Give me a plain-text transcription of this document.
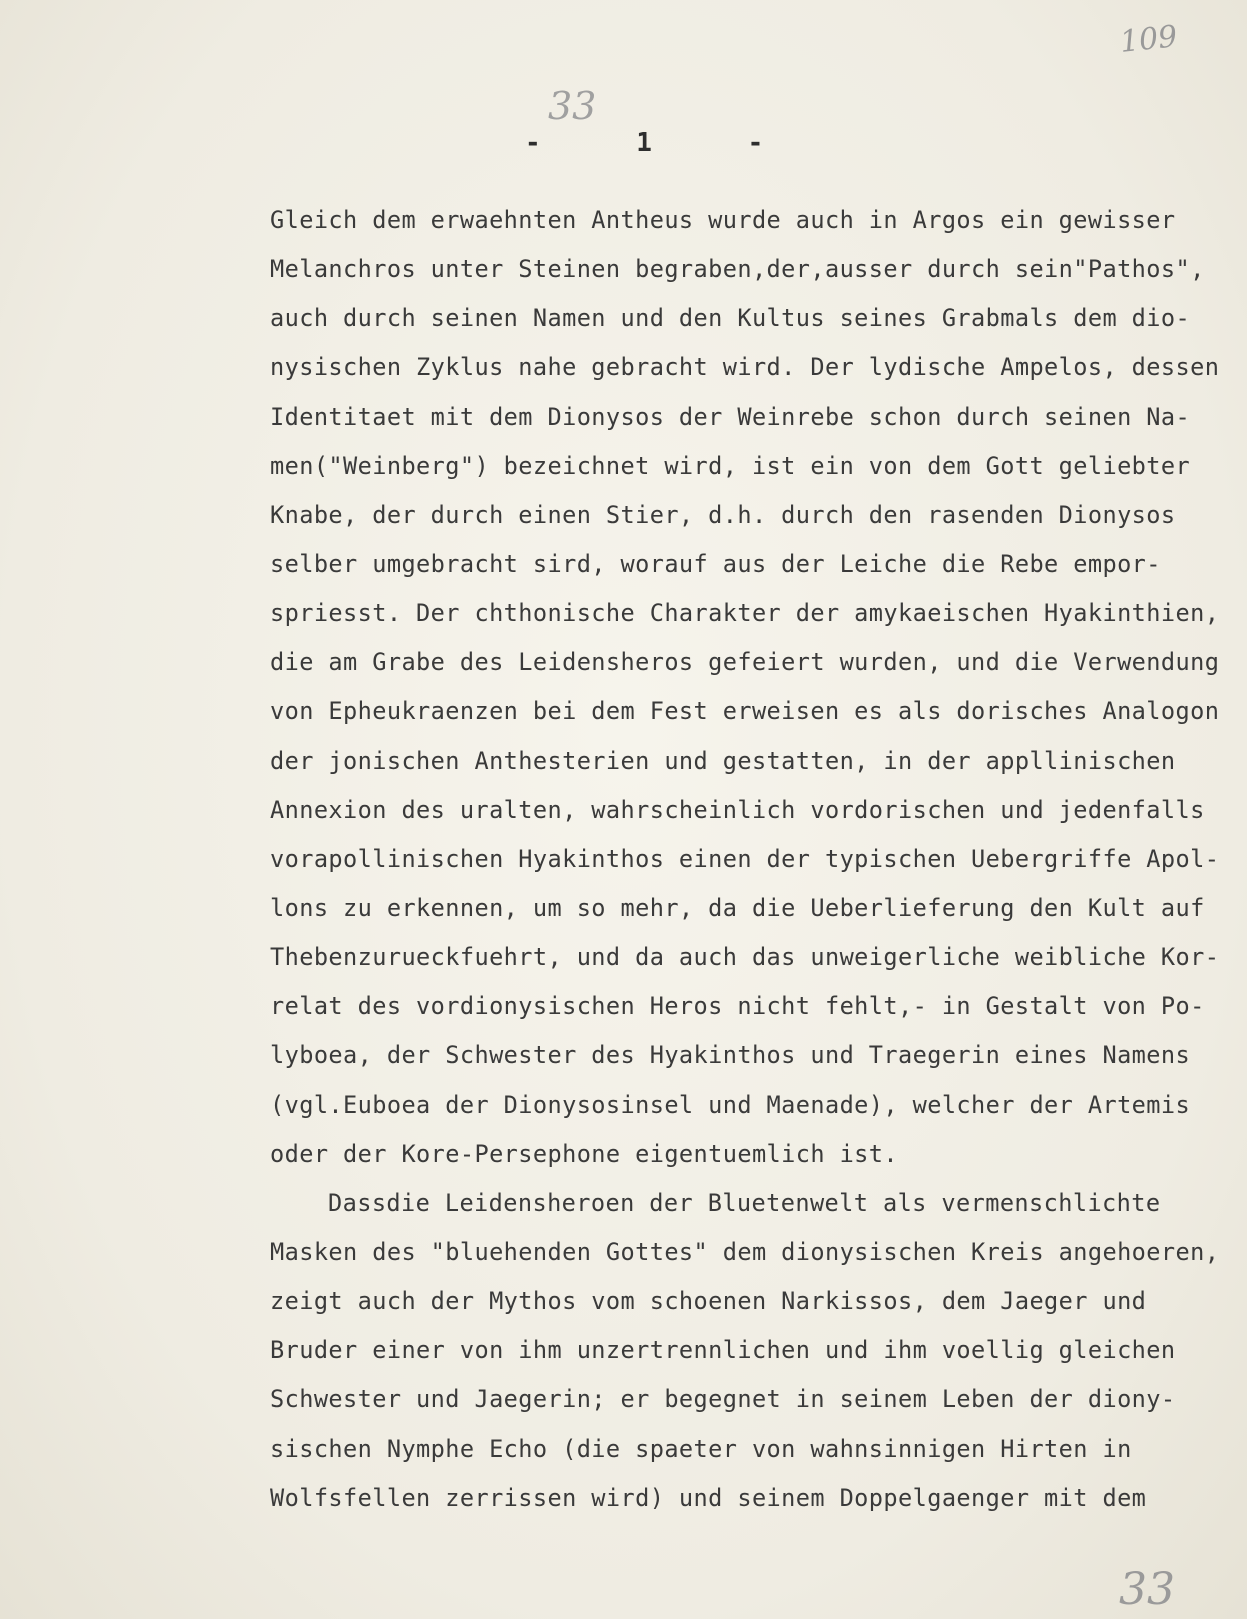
109
33
- 1 -
Gleich dem erwaehnten Antheus wurde auch in Argos ein gewisser
Melanchros unter Steinen begraben,der,ausser durch sein"Pathos",
auch durch seinen Namen und den Kultus seines Grabmals dem dio-
nysischen Zyklus nahe gebracht wird. Der lydische Ampelos, dessen
Identitaet mit dem Dionysos der Weinrebe schon durch seinen Na-
men("Weinberg") bezeichnet wird, ist ein von dem Gott geliebter
Knabe, der durch einen Stier, d.h. durch den rasenden Dionysos
selber umgebracht sird, worauf aus der Leiche die Rebe empor-
spriesst. Der chthonische Charakter der amykaeischen Hyakinthien,
die am Grabe des Leidensheros gefeiert wurden, und die Verwendung
von Epheukraenzen bei dem Fest erweisen es als dorisches Analogon
der jonischen Anthesterien und gestatten, in der appllinischen
Annexion des uralten, wahrscheinlich vordorischen und jedenfalls
vorapollinischen Hyakinthos einen der typischen Uebergriffe Apol-
lons zu erkennen, um so mehr, da die Ueberlieferung den Kult auf
Thebenzurueckfuehrt, und da auch das unweigerliche weibliche Kor-
relat des vordionysischen Heros nicht fehlt,- in Gestalt von Po-
lyboea, der Schwester des Hyakinthos und Traegerin eines Namens
(vgl.Euboea der Dionysosinsel und Maenade), welcher der Artemis
oder der Kore-Persephone eigentuemlich ist.
Dassdie Leidensheroen der Bluetenwelt als vermenschlichte
Masken des "bluehenden Gottes" dem dionysischen Kreis angehoeren,
zeigt auch der Mythos vom schoenen Narkissos, dem Jaeger und
Bruder einer von ihm unzertrennlichen und ihm voellig gleichen
Schwester und Jaegerin; er begegnet in seinem Leben der diony-
sischen Nymphe Echo (die spaeter von wahnsinnigen Hirten in
Wolfsfellen zerrissen wird) und seinem Doppelgaenger mit dem
33
